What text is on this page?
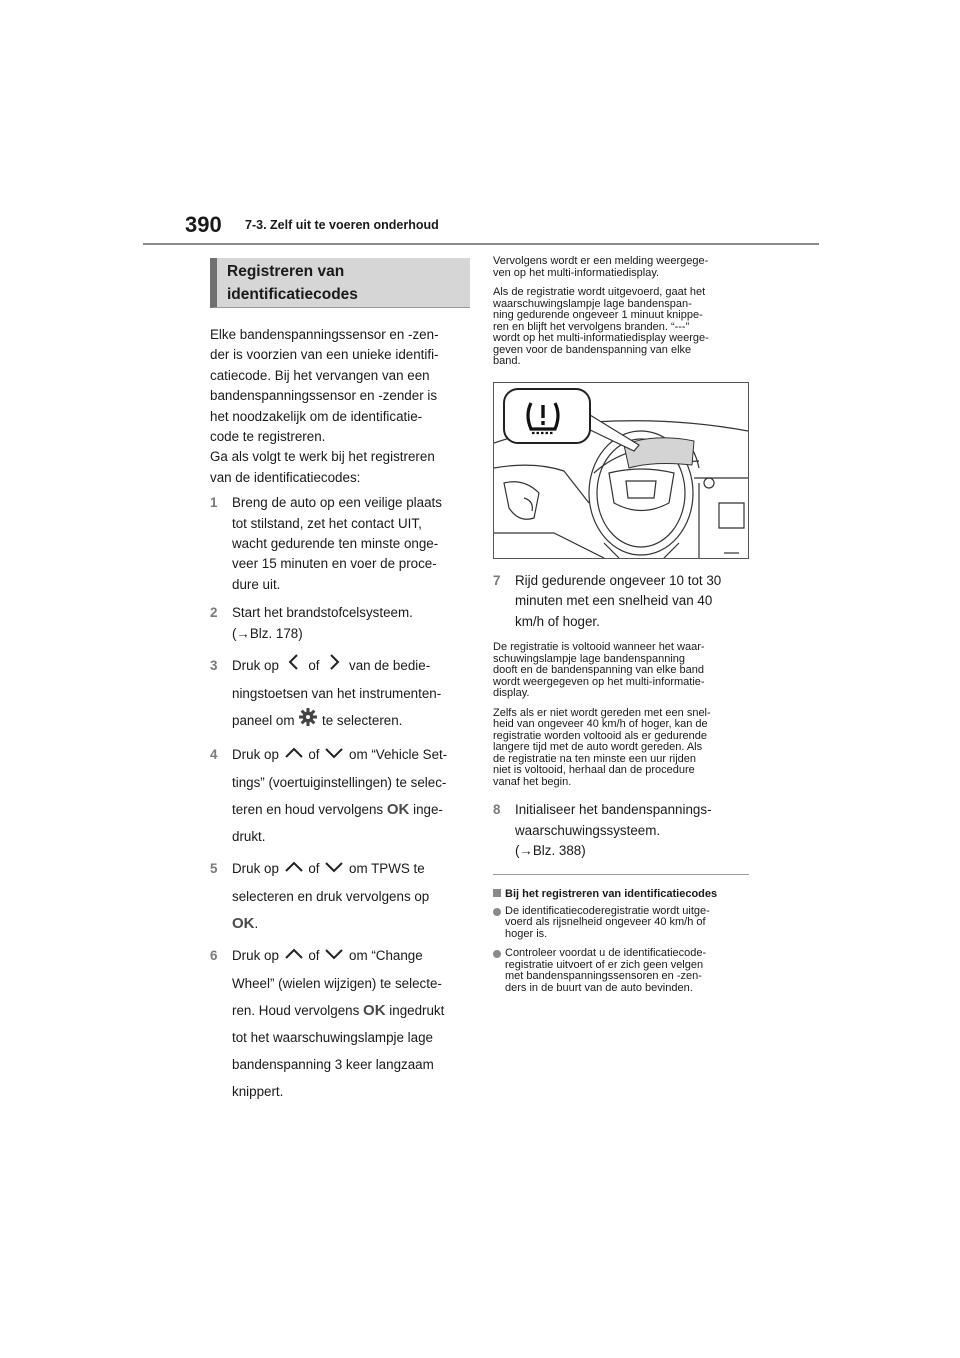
390 7-3. Zelf uit te voeren onderhoud
Registreren van
identificatiecodes
Elke bandenspanningssensor en -zen-
der is voorzien van een unieke identifi-
catiecode. Bij het vervangen van een
bandenspanningssensor en -zender is
het noodzakelijk om de identificatie-
code te registreren.
Ga als volgt te werk bij het registreren
van de identificatiecodes:
1 Breng de auto op een veilige plaats
tot stilstand, zet het contact UIT,
wacht gedurende ten minste onge-
veer 15 minuten en voer de proce-
dure uit.
2 Start het brandstofcelsysteem.
(→Blz. 178)
3 Druk op of van de bedie-
ningstoetsen van het instrumenten-
paneel om te selecteren.
4 Druk op of om “Vehicle Set-
tings” (voertuiginstellingen) te selec-
teren en houd vervolgens OK inge-
drukt.
5 Druk op of om TPWS te
selecteren en druk vervolgens op
OK.
6 Druk op of om “Change
Wheel” (wielen wijzigen) te selecte-
ren. Houd vervolgens OK ingedrukt
tot het waarschuwingslampje lage
bandenspanning 3 keer langzaam
knippert.
Vervolgens wordt er een melding weergege-
ven op het multi-informatiedisplay.
Als de registratie wordt uitgevoerd, gaat het
waarschuwingslampje lage bandenspan-
ning gedurende ongeveer 1 minuut knippe-
ren en blijft het vervolgens branden. “---”
wordt op het multi-informatiedisplay weerge-
geven voor de bandenspanning van elke
band.
7 Rijd gedurende ongeveer 10 tot 30
minuten met een snelheid van 40
km/h of hoger.
De registratie is voltooid wanneer het waar-
schuwingslampje lage bandenspanning
dooft en de bandenspanning van elke band
wordt weergegeven op het multi-informatie-
display.
Zelfs als er niet wordt gereden met een snel-
heid van ongeveer 40 km/h of hoger, kan de
registratie worden voltooid als er gedurende
langere tijd met de auto wordt gereden. Als
de registratie na ten minste een uur rijden
niet is voltooid, herhaal dan de procedure
vanaf het begin.
8 Initialiseer het bandenspannings-
waarschuwingssysteem.
(→Blz. 388)
Bij het registreren van identificatiecodes
De identificatiecoderegistratie wordt uitge-
voerd als rijsnelheid ongeveer 40 km/h of
hoger is.
Controleer voordat u de identificatiecode-
registratie uitvoert of er zich geen velgen
met bandenspanningssensoren en -zen-
ders in de buurt van de auto bevinden.
